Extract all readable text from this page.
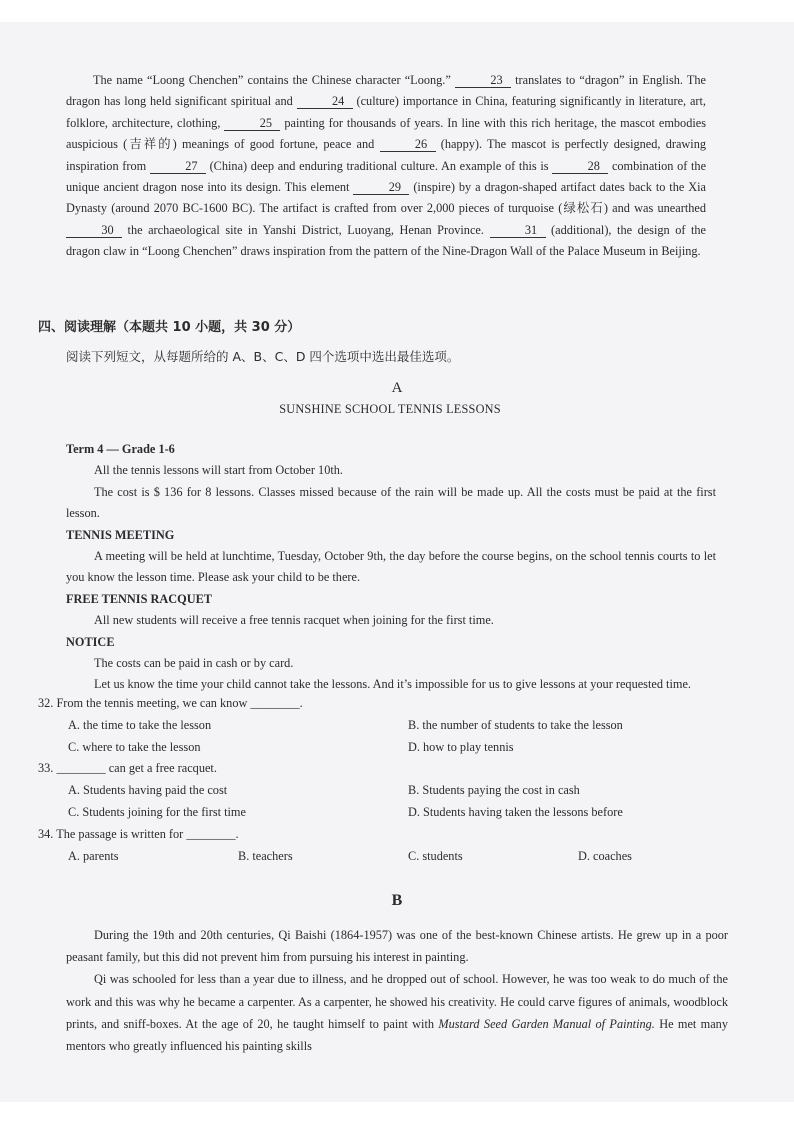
The name “Loong Chenchen” contains the Chinese character “Loong.”	23 translates to “dragon” in English. The dragon has long held significant spiritual and	24 (culture) importance in China, featuring significantly in literature, art, folklore, architecture, clothing,	25 painting for thousands of years. In line with this rich heritage, the mascot embodies auspicious (吉祥的) meanings of good fortune, peace and	26 (happy). The mascot is perfectly designed, drawing inspiration from	27 (China) deep and enduring traditional culture. An example of this is	28 combination of the unique ancient dragon nose into its design. This element	29 (inspire) by a dragon-shaped artifact dates back to the Xia Dynasty (around 2070 BC-1600 BC). The artifact is crafted from over 2,000 pieces of turquoise (绿松石) and was unearthed 30 the archaeological site in Yanshi District, Luoyang, Henan Province.	31 (additional), the design of the dragon claw in “Loong Chenchen” draws inspiration from the pattern of the Nine-Dragon Wall of the Palace Museum in Beijing.

四、阅读理解（本题共 10 小题，共 30 分）
阅读下列短文，从每题所给的 A、B、C、D 四个选项中选出最佳选项。
A
SUNSHINE SCHOOL TENNIS LESSONS

Term 4 — Grade 1-6

All the tennis lessons will start from October 10th.

The cost is $ 136 for 8 lessons. Classes missed because of the rain will be made up. All the costs must be paid at the first lesson.

TENNIS MEETING

A meeting will be held at lunchtime, Tuesday, October 9th, the day before the course begins, on the school tennis courts to let you know the lesson time. Please ask your child to be there.

FREE TENNIS RACQUET

All new students will receive a free tennis racquet when joining for the first time.

NOTICE

The costs can be paid in cash or by card.

Let us know the time your child cannot take the lessons. And it’s impossible for us to give lessons at your requested time.

32. From the tennis meeting, we can know ________.
A. the time to take the lesson	B. the number of students to take the lesson
C. where to take the lesson	D. how to play tennis
33. ________ can get a free racquet.
A. Students having paid the cost	B. Students paying the cost in cash
C. Students joining for the first time	D. Students having taken the lessons before
34. The passage is written for ________.
A. parents	B. teachers	C. students	D. coaches
B

During the 19th and 20th centuries, Qi Baishi (1864-1957) was one of the best-known Chinese artists. He grew up in a poor peasant family, but this did not prevent him from pursuing his interest in painting.

Qi was schooled for less than a year due to illness, and he dropped out of school. However, he was too weak to do much of the work and this was why he became a carpenter. As a carpenter, he showed his creativity. He could carve figures of animals, woodblock prints, and sniff-boxes. At the age of 20, he taught himself to paint with Mustard Seed Garden Manual of Painting. He met many mentors who greatly influenced his painting skills
